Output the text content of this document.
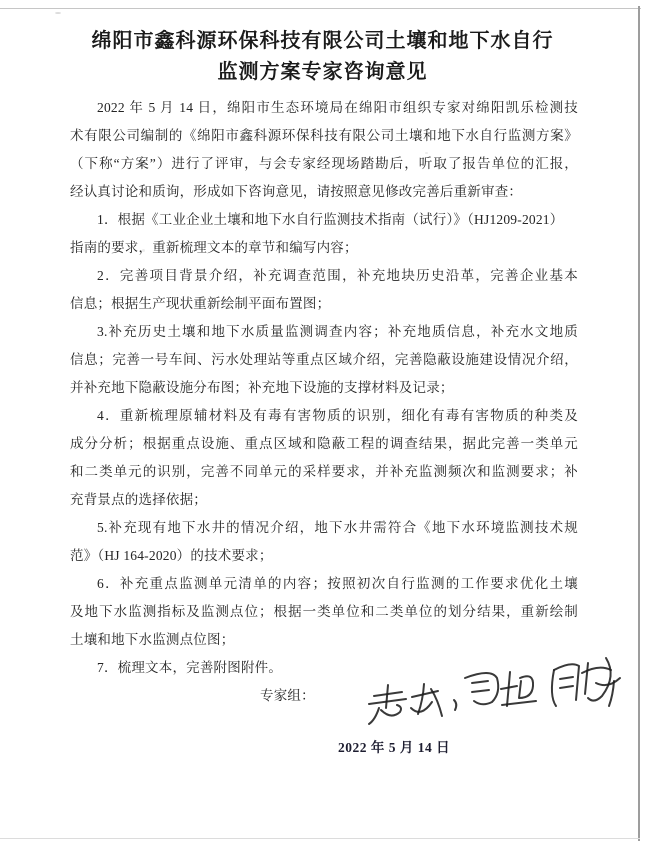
绵阳市鑫科源环保科技有限公司土壤和地下水自行
监测方案专家咨询意见
2022 年 5 月 14 日，绵阳市生态环境局在绵阳市组织专家对绵阳凯乐检测技
术有限公司编制的《绵阳市鑫科源环保科技有限公司土壤和地下水自行监测方案》
（下称“方案”）进行了评审，与会专家经现场踏勘后，听取了报告单位的汇报，
经认真讨论和质询，形成如下咨询意见，请按照意见修改完善后重新审查：
1．根据《工业企业土壤和地下水自行监测技术指南（试行）》（HJ1209-2021）
指南的要求，重新梳理文本的章节和编写内容；
2．完善项目背景介绍，补充调查范围，补充地块历史沿革，完善企业基本
信息；根据生产现状重新绘制平面布置图；
3.补充历史土壤和地下水质量监测调查内容；补充地质信息，补充水文地质
信息；完善一号车间、污水处理站等重点区域介绍，完善隐蔽设施建设情况介绍，
并补充地下隐蔽设施分布图；补充地下设施的支撑材料及记录；
4．重新梳理原辅材料及有毒有害物质的识别，细化有毒有害物质的种类及
成分分析；根据重点设施、重点区域和隐蔽工程的调查结果，据此完善一类单元
和二类单元的识别，完善不同单元的采样要求，并补充监测频次和监测要求；补
充背景点的选择依据；
5.补充现有地下水井的情况介绍，地下水井需符合《地下水环境监测技术规
范》（HJ 164-2020）的技术要求；
6．补充重点监测单元清单的内容；按照初次自行监测的工作要求优化土壤
及地下水监测指标及监测点位；根据一类单位和二类单位的划分结果，重新绘制
土壤和地下水监测点位图；
7．梳理文本，完善附图附件。
专家组：
2022 年 5 月 14 日
